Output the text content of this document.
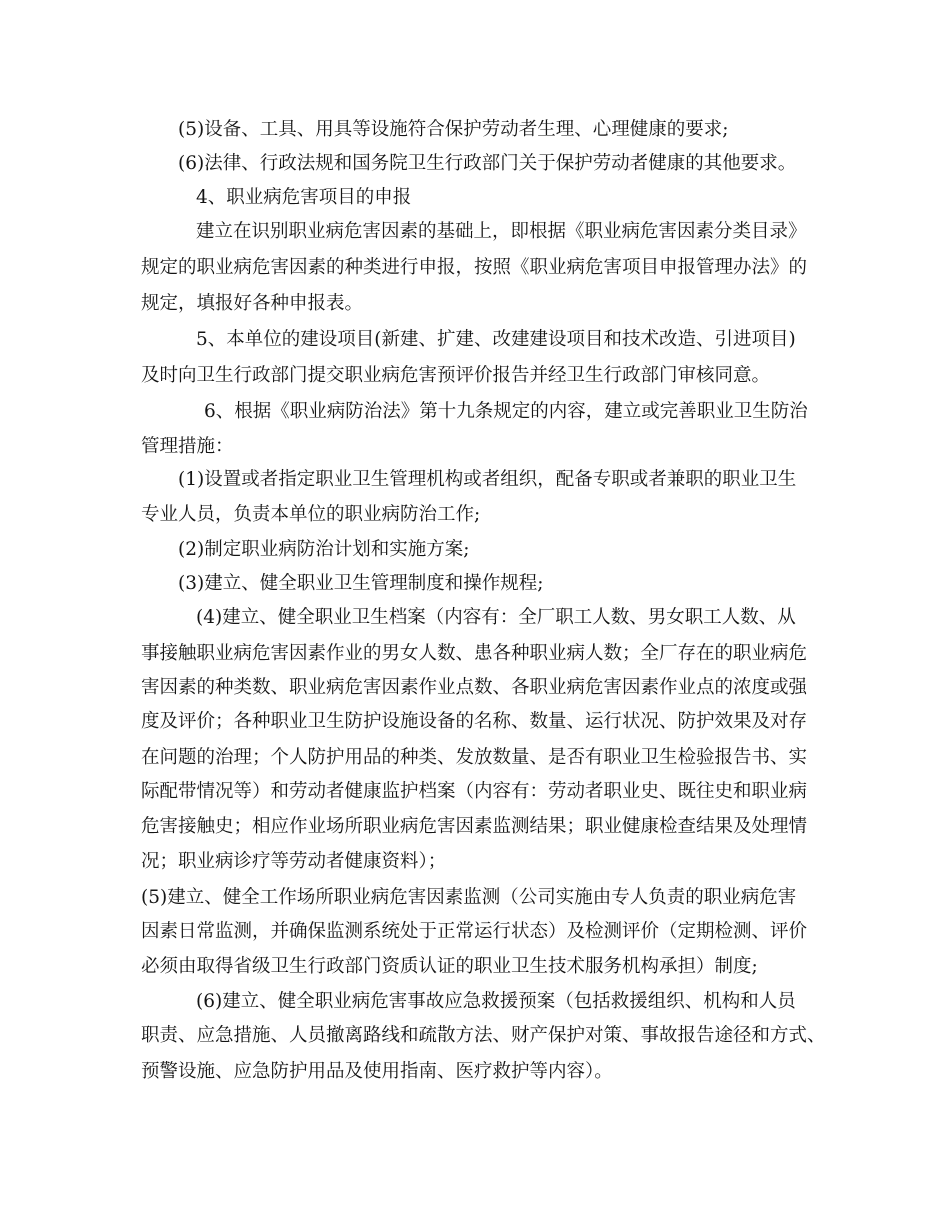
(5)设备、工具、用具等设施符合保护劳动者生理、心理健康的要求;
(6)法律、行政法规和国务院卫生行政部门关于保护劳动者健康的其他要求。
4、职业病危害项目的申报
建立在识别职业病危害因素的基础上，即根据《职业病危害因素分类目录》
规定的职业病危害因素的种类进行申报，按照《职业病危害项目申报管理办法》的
规定，填报好各种申报表。
5、本单位的建设项目(新建、扩建、改建建设项目和技术改造、引进项目)
及时向卫生行政部门提交职业病危害预评价报告并经卫生行政部门审核同意。
6、根据《职业病防治法》第十九条规定的内容，建立或完善职业卫生防治
管理措施：
(1)设置或者指定职业卫生管理机构或者组织，配备专职或者兼职的职业卫生
专业人员，负责本单位的职业病防治工作;
(2)制定职业病防治计划和实施方案;
(3)建立、健全职业卫生管理制度和操作规程;
(4)建立、健全职业卫生档案（内容有：全厂职工人数、男女职工人数、从
事接触职业病危害因素作业的男女人数、患各种职业病人数；全厂存在的职业病危
害因素的种类数、职业病危害因素作业点数、各职业病危害因素作业点的浓度或强
度及评价；各种职业卫生防护设施设备的名称、数量、运行状况、防护效果及对存
在问题的治理；个人防护用品的种类、发放数量、是否有职业卫生检验报告书、实
际配带情况等）和劳动者健康监护档案（内容有：劳动者职业史、既往史和职业病
危害接触史；相应作业场所职业病危害因素监测结果；职业健康检查结果及处理情
况；职业病诊疗等劳动者健康资料）；
(5)建立、健全工作场所职业病危害因素监测（公司实施由专人负责的职业病危害
因素日常监测，并确保监测系统处于正常运行状态）及检测评价（定期检测、评价
必须由取得省级卫生行政部门资质认证的职业卫生技术服务机构承担）制度;
(6)建立、健全职业病危害事故应急救援预案（包括救援组织、机构和人员
职责、应急措施、人员撤离路线和疏散方法、财产保护对策、事故报告途径和方式、
预警设施、应急防护用品及使用指南、医疗救护等内容）。
